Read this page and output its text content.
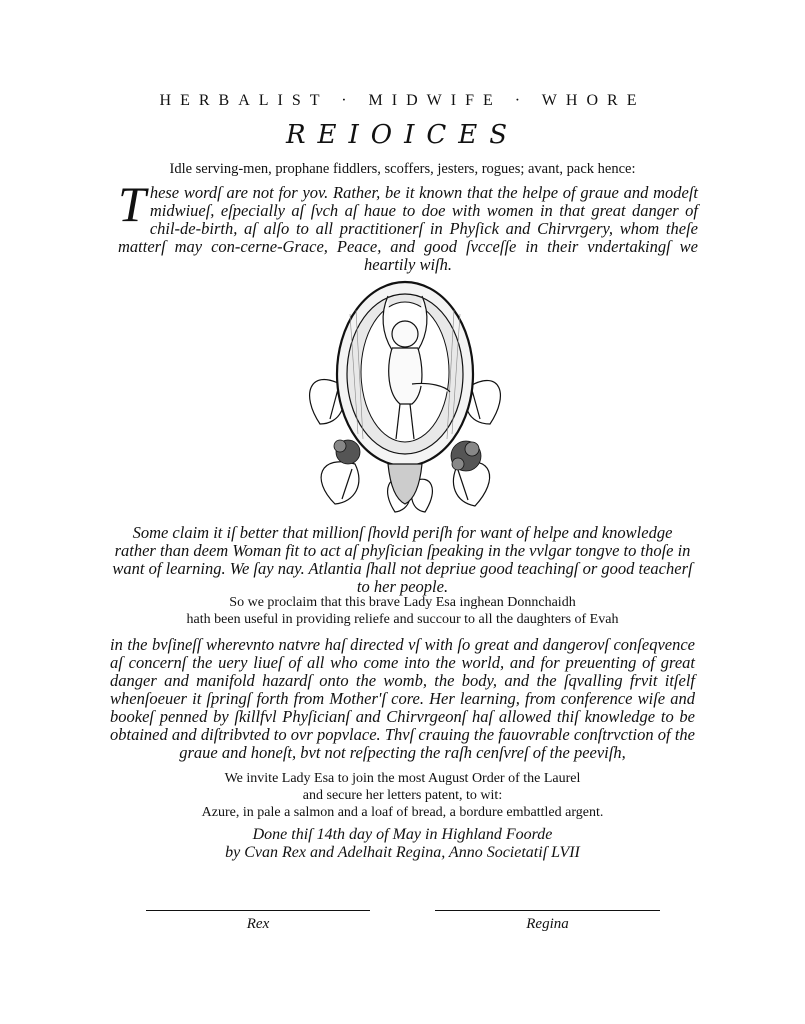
HERBALIST · MIDWIFE · WHORE
REIOICES
Idle serving-men, prophane fiddlers, scoffers, jesters, rogues; avant, pack hence:
T hese wordſ are not for yov. Rather, be it known that the helpe of graue and modeſt midwiueſ, eſpecially aſ ſvch aſ haue to doe with women in that great danger of chil-de-birth, aſ alſo to all practitionerſ in Phyſick and Chirvrgery, whom theſe matterſ may con-cerne-Grace, Peace, and good ſvcceſſe in their vndertakingſ we heartily wiſh.
Some claim it iſ better that millionſ ſhovld periſh for want of helpe and knowledge rather than deem Woman fit to act aſ phyſician ſpeaking in the vvlgar tongve to thoſe in want of learning. We ſay nay. Atlantia ſhall not depriue good teachingſ or good teacherſ to her people.
So we proclaim that this brave Lady Esa inghean Donnchaidh
hath been useful in providing reliefe and succour to all the daughters of Evah
in the bvſineſſ wherevnto natvre haſ directed vſ with ſo great and dangerovſ conſeqvence aſ concernſ the uery liueſ of all who come into the world, and for preuenting of great danger and manifold hazardſ onto the womb, the body, and the ſqvalling frvit itſelf whenſoeuer it ſpringſ forth from Mother'ſ core. Her learning, from conference wiſe and bookeſ penned by ſkillfvl Phyſicianſ and Chirvrgeonſ haſ allowed thiſ knowledge to be obtained and diſtribvted to ovr popvlace. Thvſ crauing the fauovrable conſtrvction of the graue and honeſt, bvt not reſpecting the raſh cenſvreſ of the peeviſh,
We invite Lady Esa to join the most August Order of the Laurel
and secure her letters patent, to wit:
Azure, in pale a salmon and a loaf of bread, a bordure embattled argent.
Done thiſ 14th day of May in Highland Foorde
by Cvan Rex and Adelhait Regina, Anno Societatiſ LVII
Rex	Regina
